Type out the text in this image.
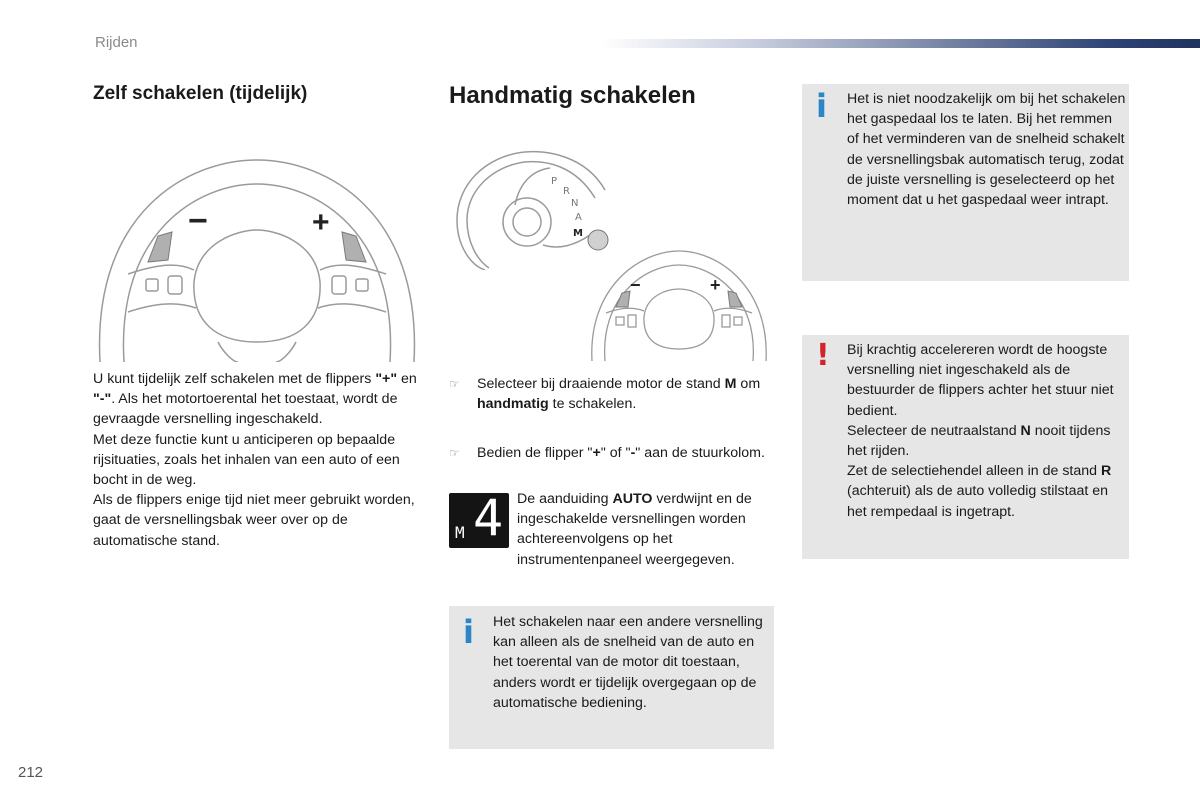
Rijden
Zelf schakelen (tijdelijk)
−	+
U kunt tijdelijk zelf schakelen met de flippers "+" en "-". Als het motortoerental het toestaat, wordt de gevraagde versnelling ingeschakeld.
Met deze functie kunt u anticiperen op bepaalde rijsituaties, zoals het inhalen van een auto of een bocht in de weg.
Als de flippers enige tijd niet meer gebruikt worden, gaat de versnellingsbak weer over op de automatische stand.
Handmatig schakelen
P
R
N
A
M
−	+
☞ Selecteer bij draaiende motor de stand M om handmatig te schakelen.
☞ Bedien de flipper "+" of "-" aan de stuurkolom.
M 4 De aanduiding AUTO verdwijnt en de ingeschakelde versnellingen worden achtereenvolgens op het instrumentenpaneel weergegeven.
i Het schakelen naar een andere versnelling kan alleen als de snelheid van de auto en het toerental van de motor dit toestaan, anders wordt er tijdelijk overgegaan op de automatische bediening.
i Het is niet noodzakelijk om bij het schakelen het gaspedaal los te laten. Bij het remmen of het verminderen van de snelheid schakelt de versnellingsbak automatisch terug, zodat de juiste versnelling is geselecteerd op het moment dat u het gaspedaal weer intrapt.
! Bij krachtig accelereren wordt de hoogste versnelling niet ingeschakeld als de bestuurder de flippers achter het stuur niet bedient.
Selecteer de neutraalstand N nooit tijdens het rijden.
Zet de selectiehendel alleen in de stand R (achteruit) als de auto volledig stilstaat en het rempedaal is ingetrapt.
212
